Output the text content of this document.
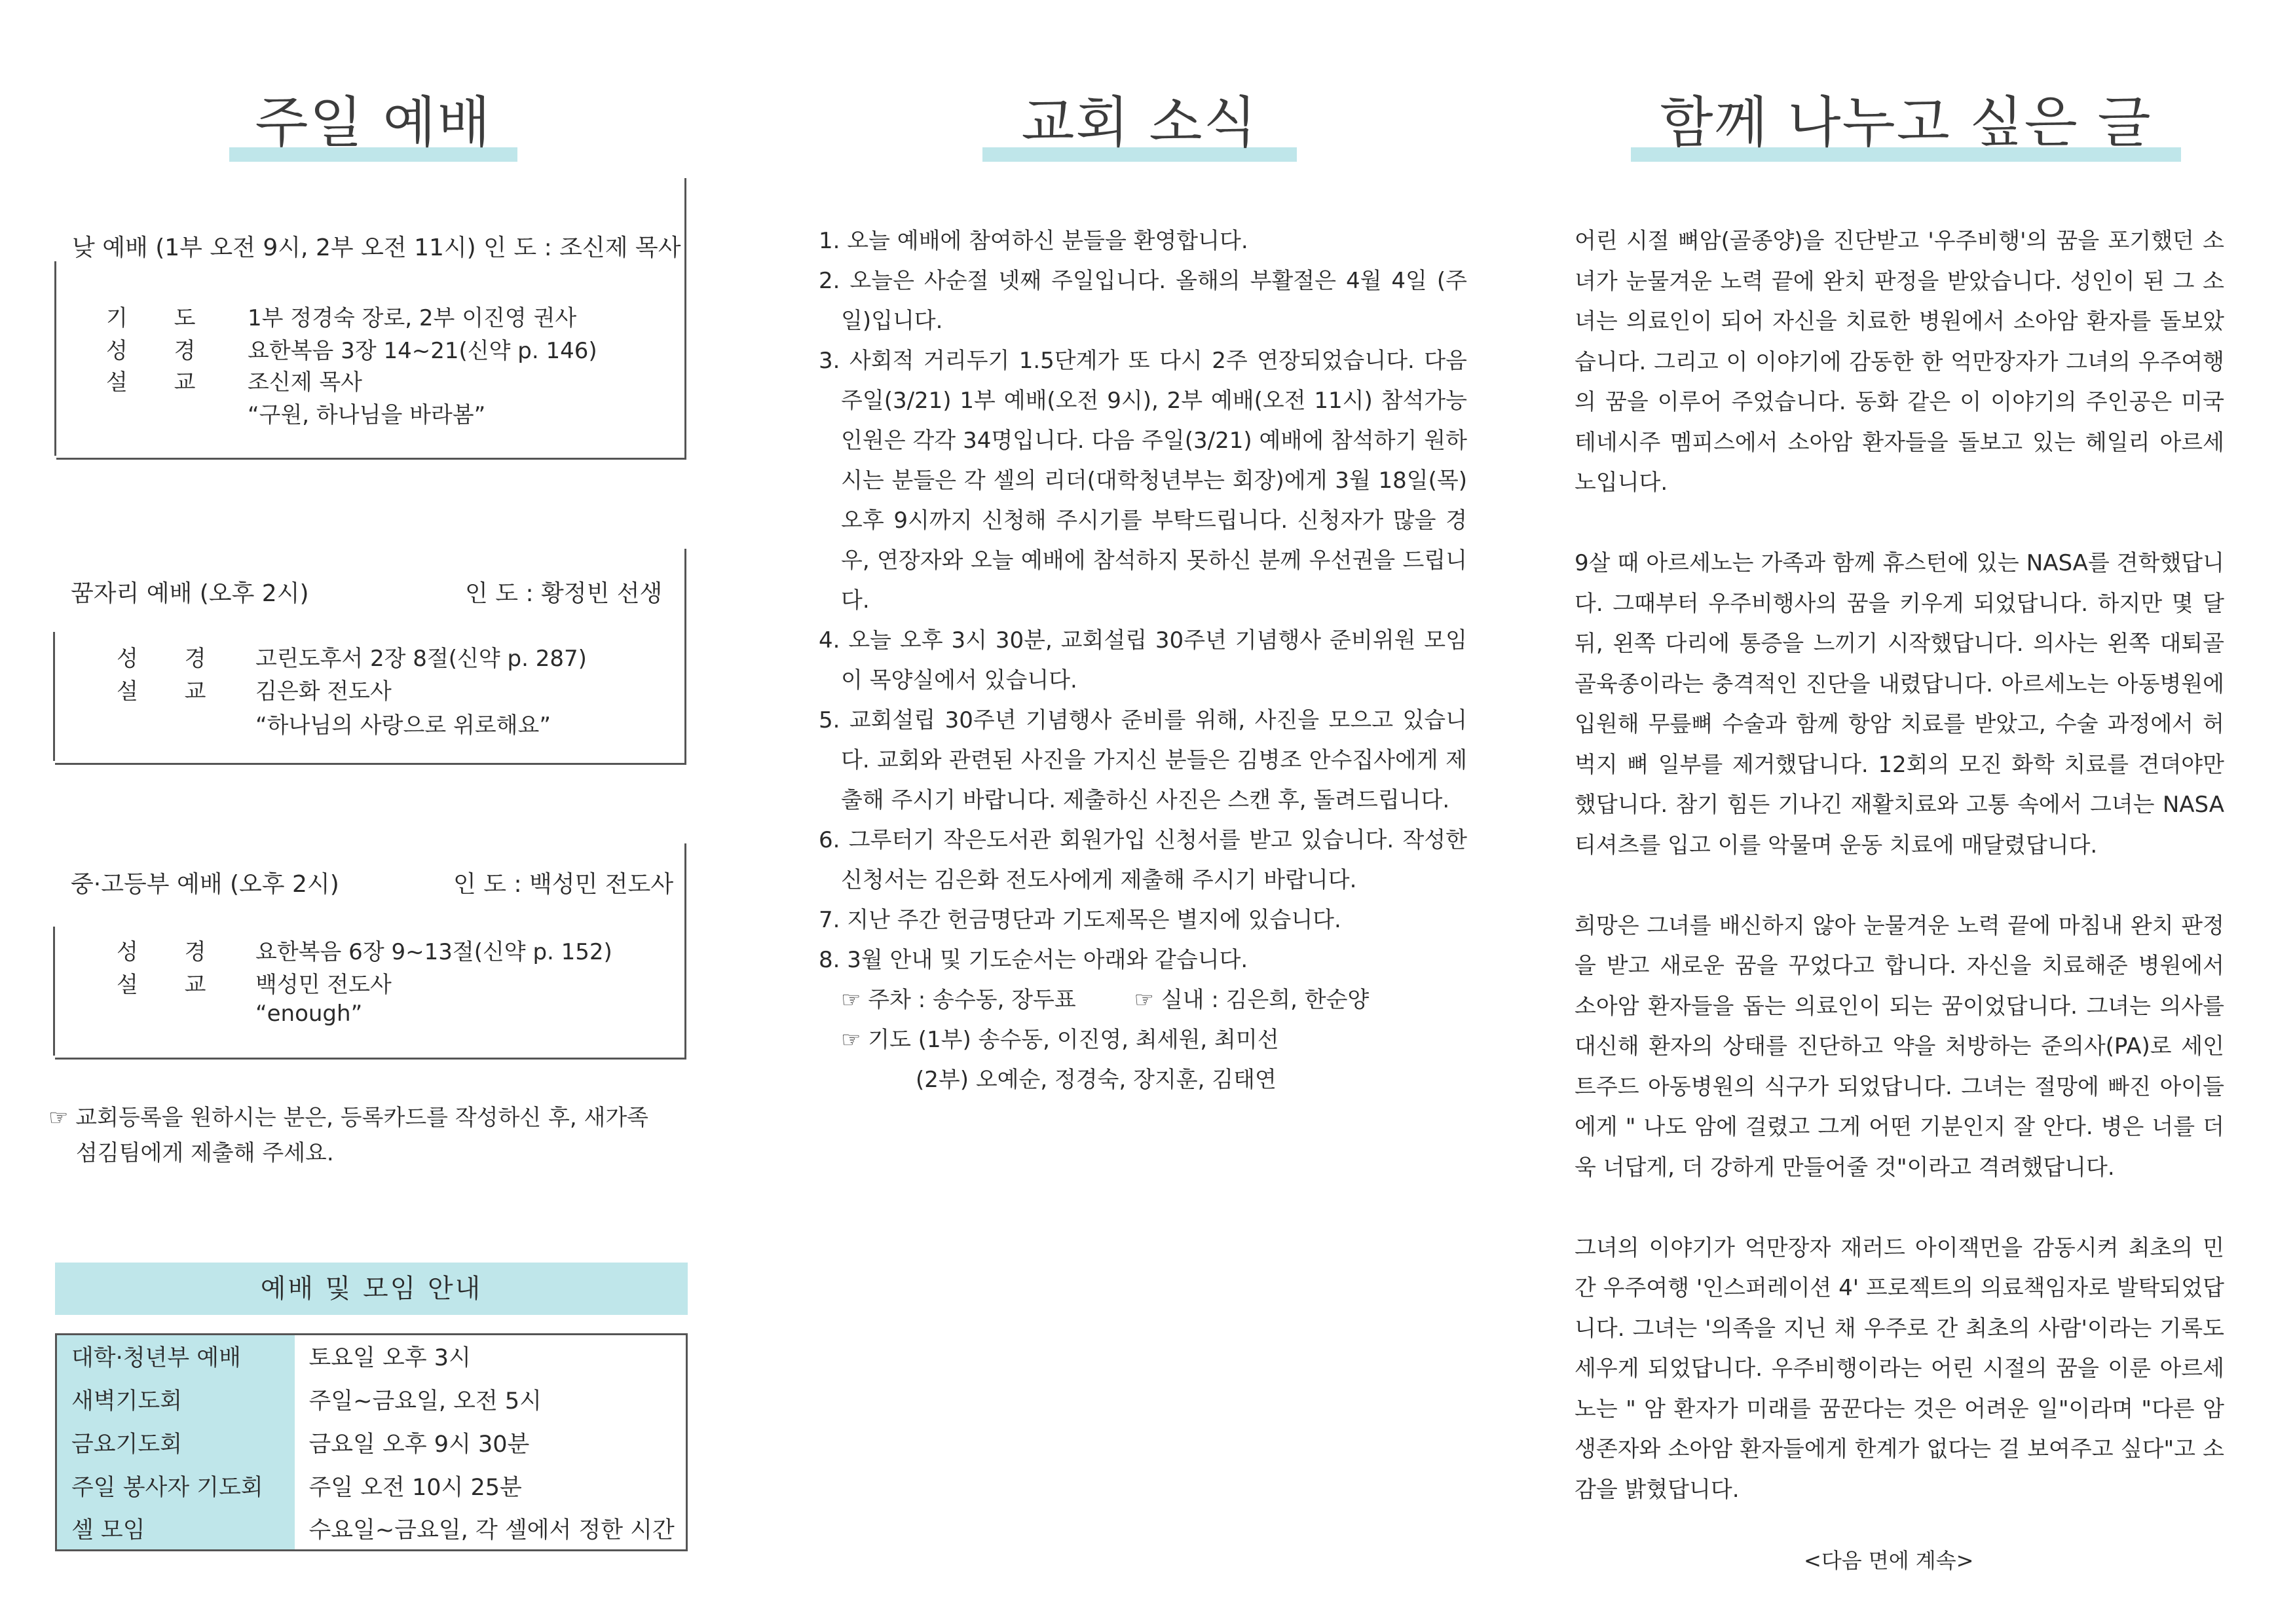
주일 예배	교회 소식	함께 나누고 싶은 글
낮 예배 (1부 오전 9시, 2부 오전 11시) 인 도 : 조신제 목사
기 도 1부 정경숙 장로, 2부 이진영 권사
성 경 요한복음 3장 14~21(신약 p. 146)
설 교 조신제 목사
“구원, 하나님을 바라봄”
꿈자리 예배 (오후 2시)	인 도 : 황정빈 선생
성 경 고린도후서 2장 8절(신약 p. 287)
설 교 김은화 전도사
“하나님의 사랑으로 위로해요”
중·고등부 예배 (오후 2시)	인 도 : 백성민 전도사
성 경 요한복음 6장 9~13절(신약 p. 152)
설 교 백성민 전도사
“enough”
☞ 교회등록을 원하시는 분은, 등록카드를 작성하신 후, 새가족
섬김팀에게 제출해 주세요.
예배 및 모임 안내
대학·청년부 예배	토요일 오후 3시
새벽기도회	주일~금요일, 오전 5시
금요기도회	금요일 오후 9시 30분
주일 봉사자 기도회	주일 오전 10시 25분
셀 모임	수요일~금요일, 각 셀에서 정한 시간
1. 오늘 예배에 참여하신 분들을 환영합니다.
2. 오늘은 사순절 넷째 주일입니다. 올해의 부활절은 4월 4일 (주일)입니다.
3. 사회적 거리두기 1.5단계가 또 다시 2주 연장되었습니다. 다음 주일(3/21) 1부 예배(오전 9시), 2부 예배(오전 11시) 참석가능 인원은 각각 34명입니다. 다음 주일(3/21) 예배에 참석하기 원하시는 분들은 각 셀의 리더(대학청년부는 회장)에게 3월 18일(목) 오후 9시까지 신청해 주시기를 부탁드립니다. 신청자가 많을 경우, 연장자와 오늘 예배에 참석하지 못하신 분께 우선권을 드립니다.
4. 오늘 오후 3시 30분, 교회설립 30주년 기념행사 준비위원 모임이 목양실에서 있습니다.
5. 교회설립 30주년 기념행사 준비를 위해, 사진을 모으고 있습니다. 교회와 관련된 사진을 가지신 분들은 김병조 안수집사에게 제출해 주시기 바랍니다. 제출하신 사진은 스캔 후, 돌려드립니다.
6. 그루터기 작은도서관 회원가입 신청서를 받고 있습니다. 작성한 신청서는 김은화 전도사에게 제출해 주시기 바랍니다.
7. 지난 주간 헌금명단과 기도제목은 별지에 있습니다.
8. 3월 안내 및 기도순서는 아래와 같습니다.
☞ 주차 : 송수동, 장두표	☞ 실내 : 김은희, 한순양
☞ 기도 (1부) 송수동, 이진영, 최세원, 최미선
(2부) 오예순, 정경숙, 장지훈, 김태연

어린 시절 뼈암(골종양)을 진단받고 '우주비행'의 꿈을 포기했던 소녀가 눈물겨운 노력 끝에 완치 판정을 받았습니다. 성인이 된 그 소녀는 의료인이 되어 자신을 치료한 병원에서 소아암 환자를 돌보았습니다. 그리고 이 이야기에 감동한 한 억만장자가 그녀의 우주여행의 꿈을 이루어 주었습니다. 동화 같은 이 이야기의 주인공은 미국 테네시주 멤피스에서 소아암 환자들을 돌보고 있는 헤일리 아르세노입니다.

9살 때 아르세노는 가족과 함께 휴스턴에 있는 NASA를 견학했답니다. 그때부터 우주비행사의 꿈을 키우게 되었답니다. 하지만 몇 달 뒤, 왼쪽 다리에 통증을 느끼기 시작했답니다. 의사는 왼쪽 대퇴골 골육종이라는 충격적인 진단을 내렸답니다. 아르세노는 아동병원에 입원해 무릎뼈 수술과 함께 항암 치료를 받았고, 수술 과정에서 허벅지 뼈 일부를 제거했답니다. 12회의 모진 화학 치료를 견뎌야만 했답니다. 참기 힘든 기나긴 재활치료와 고통 속에서 그녀는 NASA 티셔츠를 입고 이를 악물며 운동 치료에 매달렸답니다.

희망은 그녀를 배신하지 않아 눈물겨운 노력 끝에 마침내 완치 판정을 받고 새로운 꿈을 꾸었다고 합니다. 자신을 치료해준 병원에서 소아암 환자들을 돕는 의료인이 되는 꿈이었답니다. 그녀는 의사를 대신해 환자의 상태를 진단하고 약을 처방하는 준의사(PA)로 세인트주드 아동병원의 식구가 되었답니다. 그녀는 절망에 빠진 아이들에게 " 나도 암에 걸렸고 그게 어떤 기분인지 잘 안다. 병은 너를 더욱 너답게, 더 강하게 만들어줄 것"이라고 격려했답니다.

그녀의 이야기가 억만장자 재러드 아이잭먼을 감동시켜 최초의 민간 우주여행 '인스퍼레이션 4' 프로젝트의 의료책임자로 발탁되었답니다. 그녀는 '의족을 지닌 채 우주로 간 최초의 사람'이라는 기록도 세우게 되었답니다. 우주비행이라는 어린 시절의 꿈을 이룬 아르세노는 " 암 환자가 미래를 꿈꾼다는 것은 어려운 일"이라며 "다른 암 생존자와 소아암 환자들에게 한계가 없다는 걸 보여주고 싶다"고 소감을 밝혔답니다.

<다음 면에 계속>
